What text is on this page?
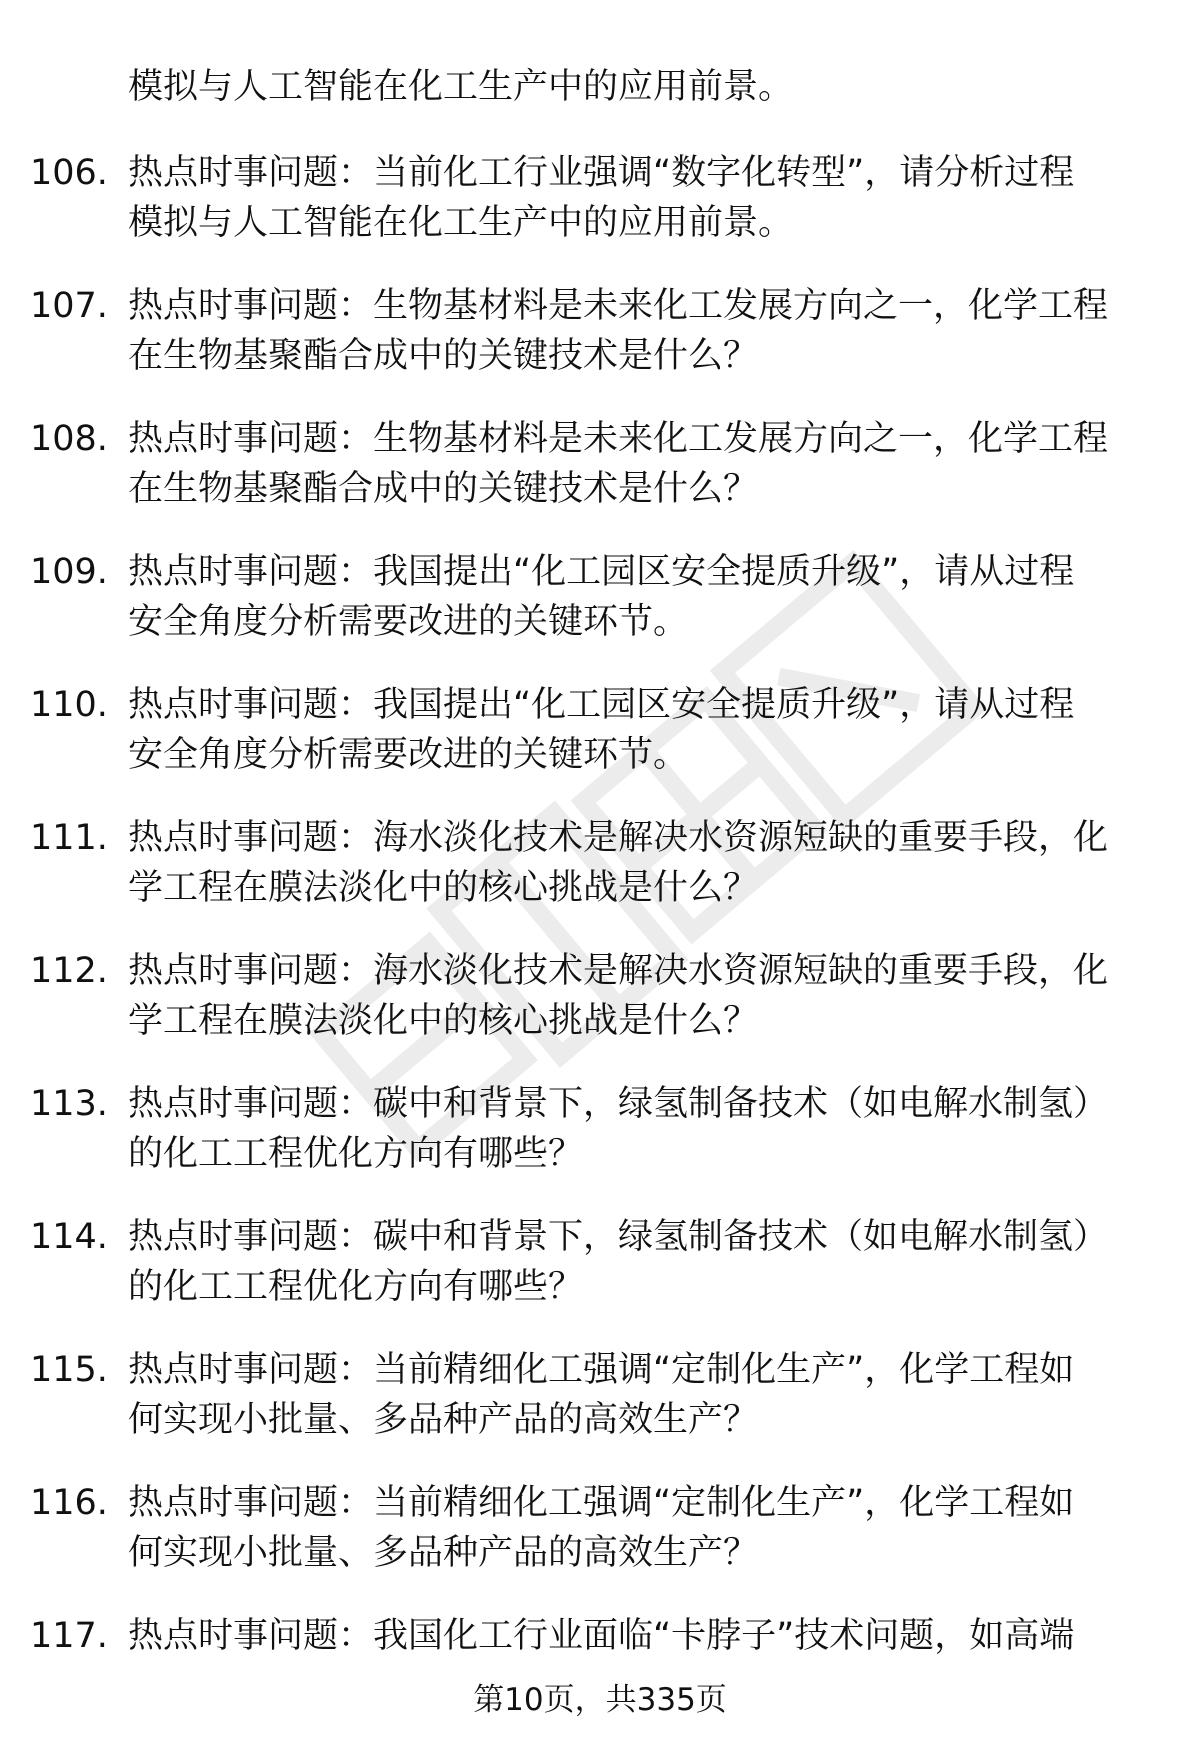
模拟与人工智能在化工生产中的应用前景。
106. 热点时事问题：当前化工行业强调“数字化转型”，请分析过程
模拟与人工智能在化工生产中的应用前景。
107. 热点时事问题：生物基材料是未来化工发展方向之一，化学工程
在生物基聚酯合成中的关键技术是什么？
108. 热点时事问题：生物基材料是未来化工发展方向之一，化学工程
在生物基聚酯合成中的关键技术是什么？
109. 热点时事问题：我国提出“化工园区安全提质升级”，请从过程
安全角度分析需要改进的关键环节。
110. 热点时事问题：我国提出“化工园区安全提质升级”，请从过程
安全角度分析需要改进的关键环节。
111. 热点时事问题：海水淡化技术是解决水资源短缺的重要手段，化
学工程在膜法淡化中的核心挑战是什么？
112. 热点时事问题：海水淡化技术是解决水资源短缺的重要手段，化
学工程在膜法淡化中的核心挑战是什么？
113. 热点时事问题：碳中和背景下，绿氢制备技术（如电解水制氢）
的化工工程优化方向有哪些？
114. 热点时事问题：碳中和背景下，绿氢制备技术（如电解水制氢）
的化工工程优化方向有哪些？
115. 热点时事问题：当前精细化工强调“定制化生产”，化学工程如
何实现小批量、多品种产品的高效生产？
116. 热点时事问题：当前精细化工强调“定制化生产”，化学工程如
何实现小批量、多品种产品的高效生产？
117. 热点时事问题：我国化工行业面临“卡脖子”技术问题，如高端
第10页，共335页
